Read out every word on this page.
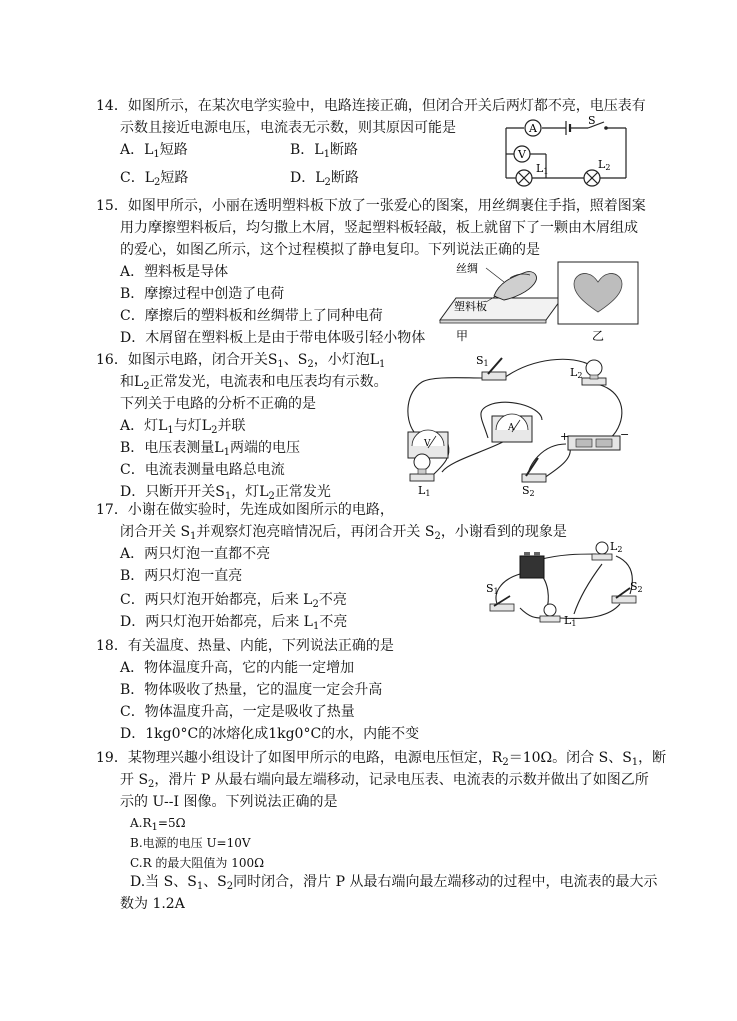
14．如图所示，在某次电学实验中，电路连接正确，但闭合开关后两灯都不亮，电压表有
示数且接近电源电压，电流表无示数，则其原因可能是
A．$L_1$短路	B．$L_1$断路
C．$L_2$短路	D．$L_2$断路
A
S
V
L1
L2
15．如图甲所示，小丽在透明塑料板下放了一张爱心的图案，用丝绸裹住手指，照着图案
用力摩擦塑料板后，均匀撒上木屑，竖起塑料板轻敲，板上就留下了一颗由木屑组成
的爱心，如图乙所示，这个过程模拟了静电复印。下列说法正确的是
A．塑料板是导体
B．摩擦过程中创造了电荷
C．摩擦后的塑料板和丝绸带上了同种电荷
D．木屑留在塑料板上是由于带电体吸引轻小物体
丝绸
塑料板
甲	乙
16．如图示电路，闭合开关$S_1$、$S_2$，小灯泡$L_1$
和$L_2$正常发光，电流表和电压表均有示数。
下列关于电路的分析不正确的是
A．灯$L_1$与灯$L_2$并联
B．电压表测量$L_1$两端的电压
C．电流表测量电路总电流
D．只断开开关$S_1$，灯$L_2$正常发光
S1
L2
V
A
+	−
L1	S2
17．小谢在做实验时，先连成如图所示的电路，
闭合开关 $S_1$并观察灯泡亮暗情况后，再闭合开关 $S_2$，小谢看到的现象是
A．两只灯泡一直都不亮
B．两只灯泡一直亮
C．两只灯泡开始都亮，后来 $L_2$不亮
D．两只灯泡开始都亮，后来 $L_1$不亮
L2
S1	S2
L1
18．有关温度、热量、内能，下列说法正确的是
A．物体温度升高，它的内能一定增加
B．物体吸收了热量，它的温度一定会升高
C．物体温度升高，一定是吸收了热量
D．1kg0°C的冰熔化成1kg0°C的水，内能不变
19．某物理兴趣小组设计了如图甲所示的电路，电源电压恒定，$R_2=10\Omega$。闭合 S、$S_1$，断
开 $S_2$，滑片 P 从最右端向最左端移动，记录电压表、电流表的示数并做出了如图乙所
示的 U--I 图像。下列说法正确的是
$A.R_1=5\Omega$
B.电源的电压 U=10V
C.R 的最大阻值为 100Ω
D.当 S、$S_1$、$S_2$同时闭合，滑片 P 从最右端向最左端移动的过程中，电流表的最大示
数为 1.2A
